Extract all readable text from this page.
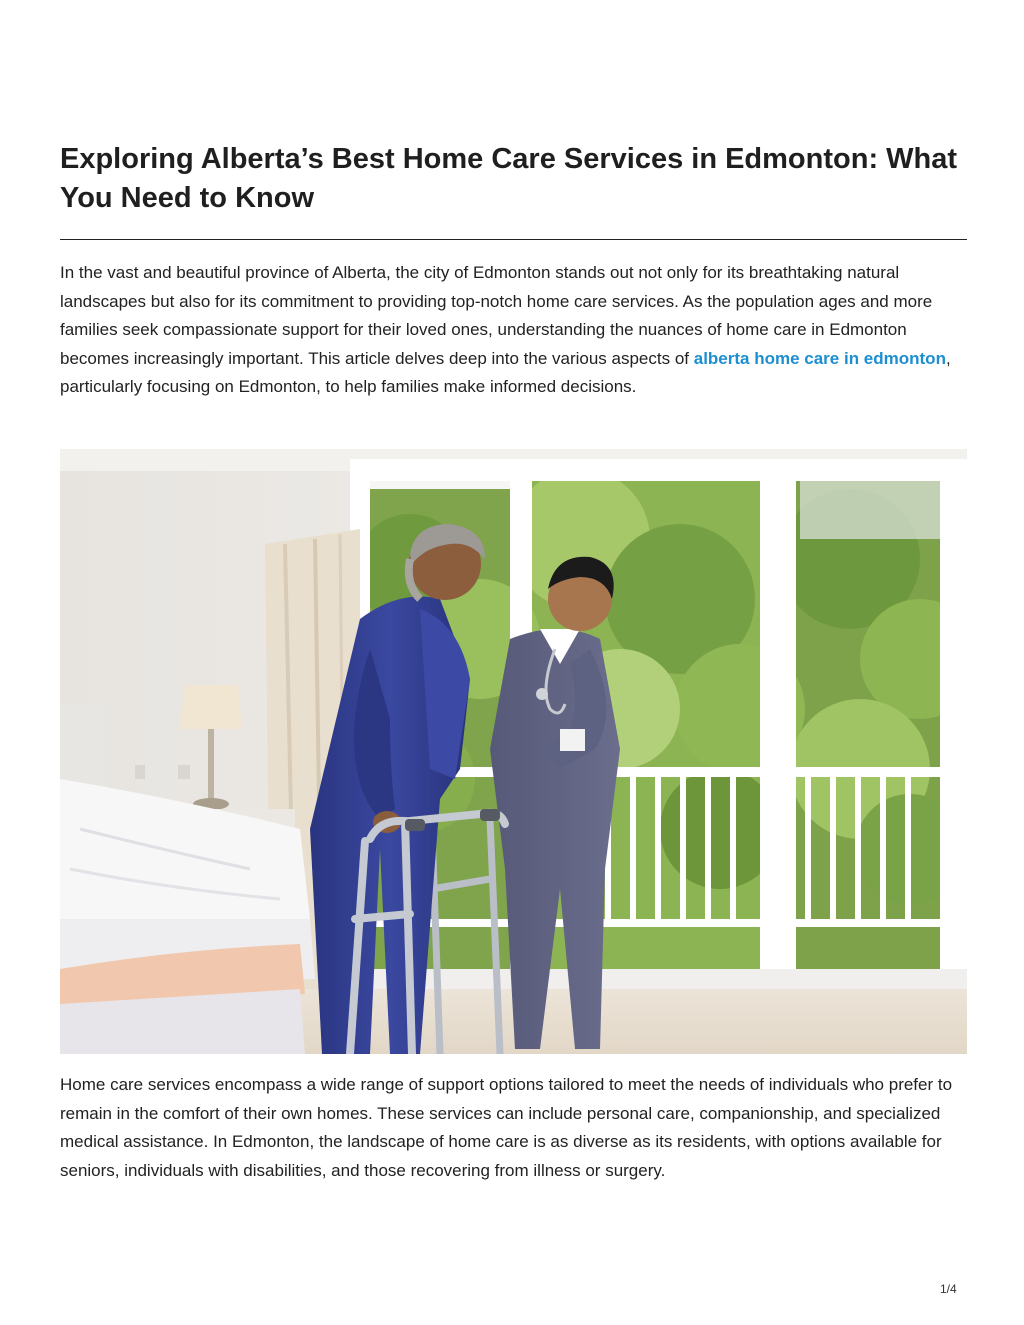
Exploring Alberta’s Best Home Care Services in Edmonton: What You Need to Know

In the vast and beautiful province of Alberta, the city of Edmonton stands out not only for its breathtaking natural landscapes but also for its commitment to providing top-notch home care services. As the population ages and more families seek compassionate support for their loved ones, understanding the nuances of home care in Edmonton becomes increasingly important. This article delves deep into the various aspects of alberta home care in edmonton, particularly focusing on Edmonton, to help families make informed decisions.

Home care services encompass a wide range of support options tailored to meet the needs of individuals who prefer to remain in the comfort of their own homes. These services can include personal care, companionship, and specialized medical assistance. In Edmonton, the landscape of home care is as diverse as its residents, with options available for seniors, individuals with disabilities, and those recovering from illness or surgery.

1/4
